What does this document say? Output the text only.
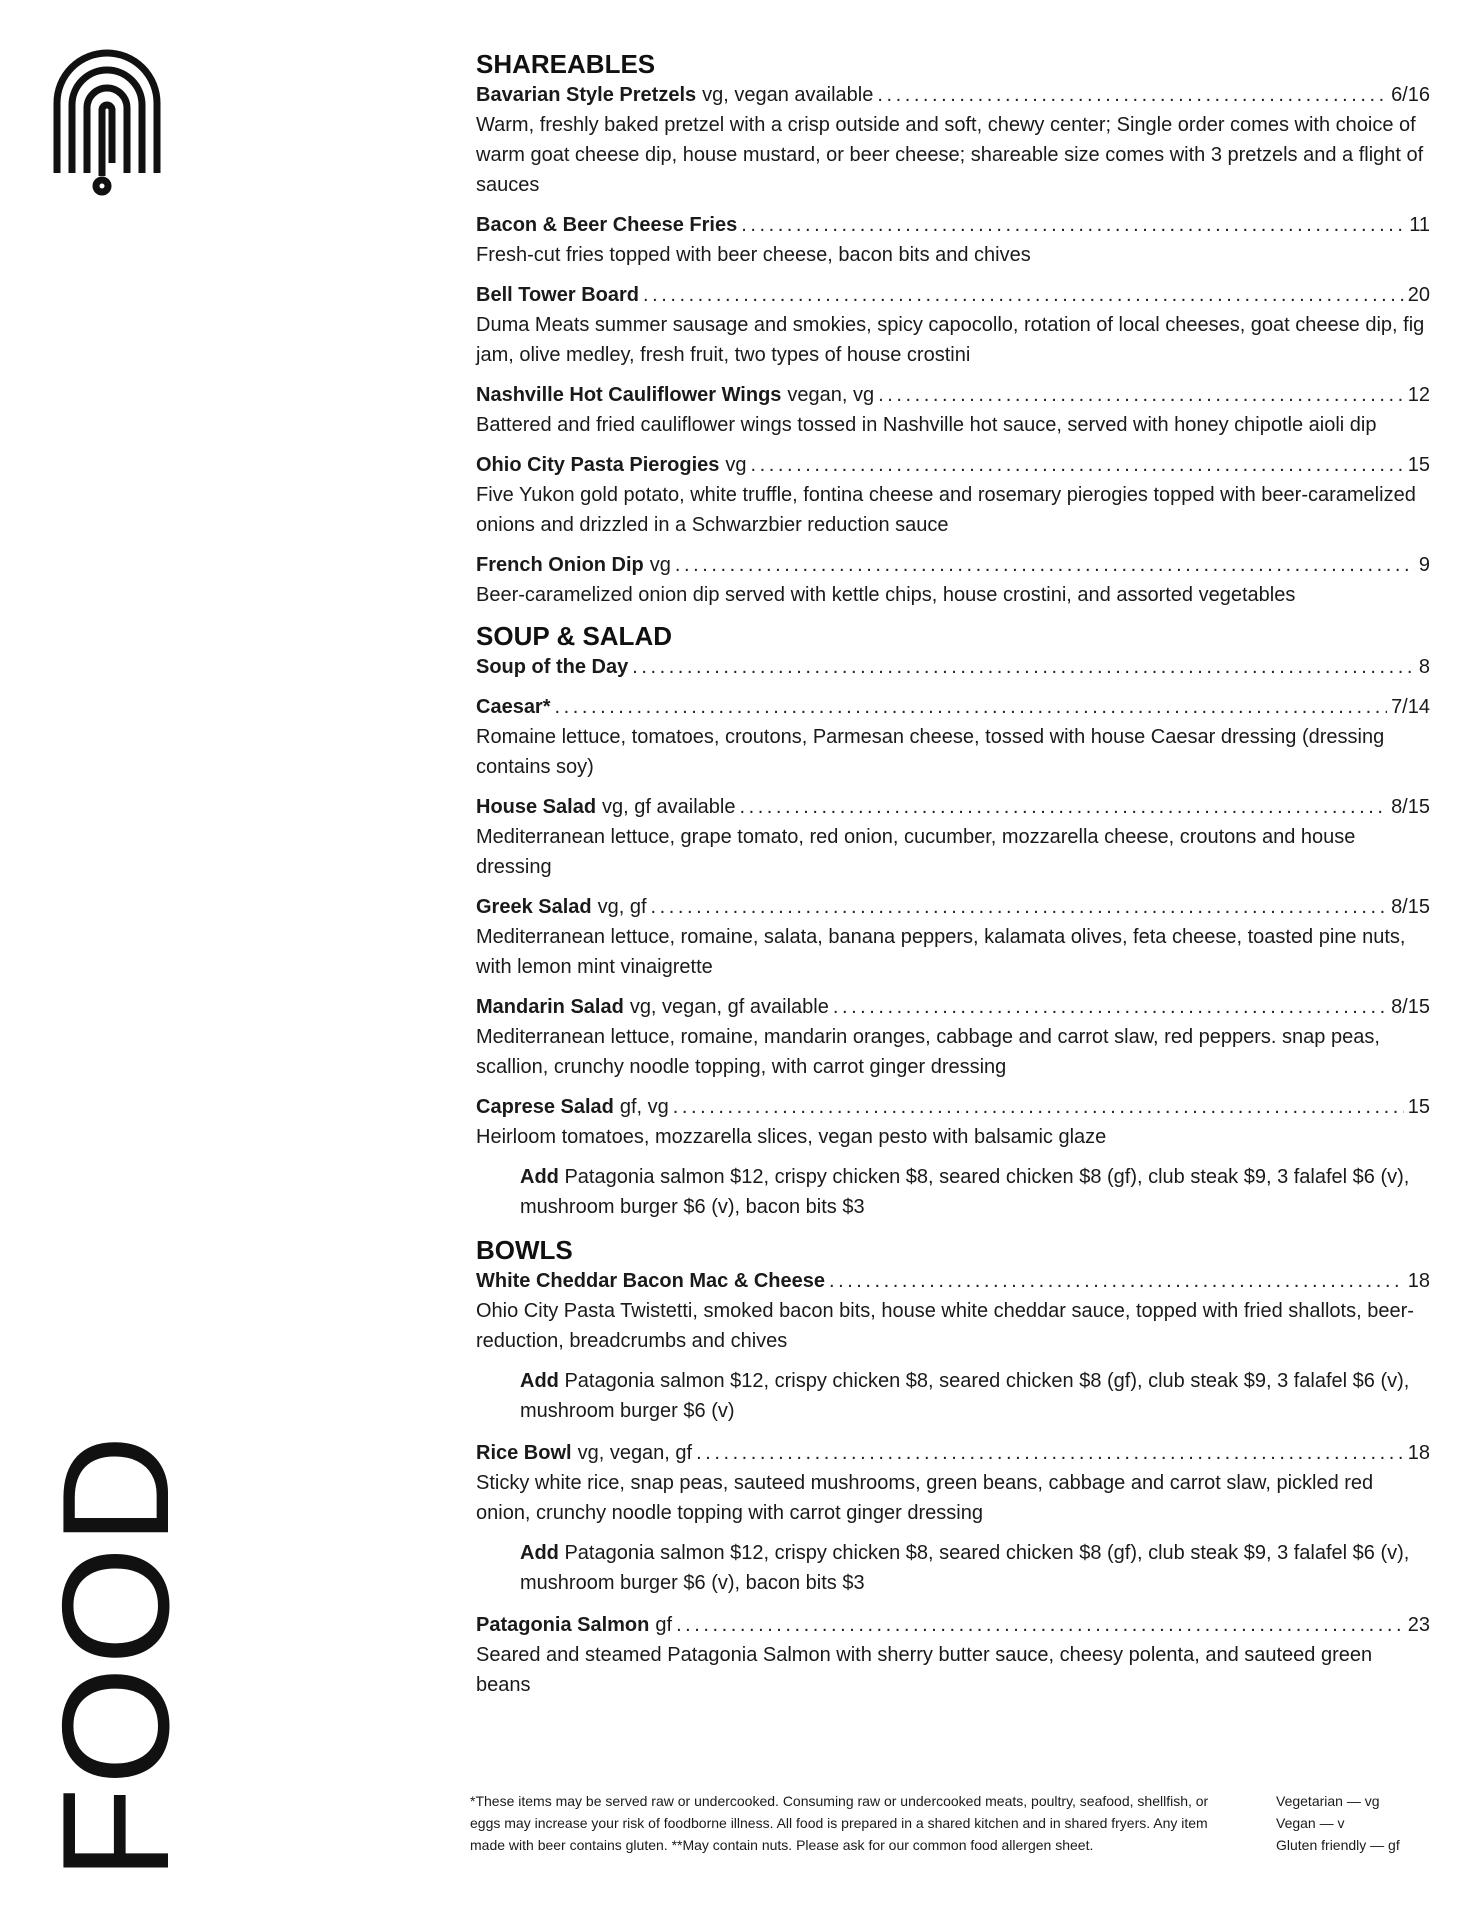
FOOD
SHAREABLES
Bavarian Style Pretzels vg, vegan available . . .	6/16

Warm, freshly baked pretzel with a crisp outside and soft, chewy center; Single order comes with choice of warm goat cheese dip, house mustard, or beer cheese; shareable size comes with 3 pretzels and a flight of sauces

Bacon & Beer Cheese Fries . . .	11

Fresh-cut fries topped with beer cheese, bacon bits and chives

Bell Tower Board . . .	20

Duma Meats summer sausage and smokies, spicy capocollo, rotation of local cheeses, goat cheese dip, fig jam, olive medley, fresh fruit, two types of house crostini

Nashville Hot Cauliflower Wings vegan, vg . . .	12

Battered and fried cauliflower wings tossed in Nashville hot sauce, served with honey chipotle aioli dip

Ohio City Pasta Pierogies vg . . .	15

Five Yukon gold potato, white truffle, fontina cheese and rosemary pierogies topped with beer-caramelized onions and drizzled in a Schwarzbier reduction sauce

French Onion Dip vg . . .	9

Beer-caramelized onion dip served with kettle chips, house crostini, and assorted vegetables

SOUP & SALAD
Soup of the Day . . .	8
Caesar* . . .	7/14

Romaine lettuce, tomatoes, croutons, Parmesan cheese, tossed with house Caesar dressing (dressing contains soy)

House Salad vg, gf available . . .	8/15

Mediterranean lettuce, grape tomato, red onion, cucumber, mozzarella cheese, croutons and house dressing

Greek Salad vg, gf . . .	8/15

Mediterranean lettuce, romaine, salata, banana peppers, kalamata olives, feta cheese, toasted pine nuts, with lemon mint vinaigrette

Mandarin Salad vg, vegan, gf available . . .	8/15

Mediterranean lettuce, romaine, mandarin oranges, cabbage and carrot slaw, red peppers. snap peas, scallion, crunchy noodle topping, with carrot ginger dressing

Caprese Salad gf, vg . . .	15

Heirloom tomatoes, mozzarella slices, vegan pesto with balsamic glaze

Add Patagonia salmon $12, crispy chicken $8, seared chicken $8 (gf), club steak $9, 3 falafel $6 (v), mushroom burger $6 (v), bacon bits $3
BOWLS
White Cheddar Bacon Mac & Cheese . . .	18

Ohio City Pasta Twistetti, smoked bacon bits, house white cheddar sauce, topped with fried shallots, beer-reduction, breadcrumbs and chives

Add Patagonia salmon $12, crispy chicken $8, seared chicken $8 (gf), club steak $9, 3 falafel $6 (v), mushroom burger $6 (v)
Rice Bowl vg, vegan, gf . . .	18

Sticky white rice, snap peas, sauteed mushrooms, green beans, cabbage and carrot slaw, pickled red onion, crunchy noodle topping with carrot ginger dressing

Add Patagonia salmon $12, crispy chicken $8, seared chicken $8 (gf), club steak $9, 3 falafel $6 (v), mushroom burger $6 (v), bacon bits $3
Patagonia Salmon gf . . .	23

Seared and steamed Patagonia Salmon with sherry butter sauce, cheesy polenta, and sauteed green beans

*These items may be served raw or undercooked. Consuming raw or undercooked meats, poultry, seafood, shellfish, or eggs may increase your risk of foodborne illness. All food is prepared in a shared kitchen and in shared fryers. Any item made with beer contains gluten. **May contain nuts. Please ask for our common food allergen sheet.
Vegetarian — vg
Vegan — v
Gluten friendly — gf
